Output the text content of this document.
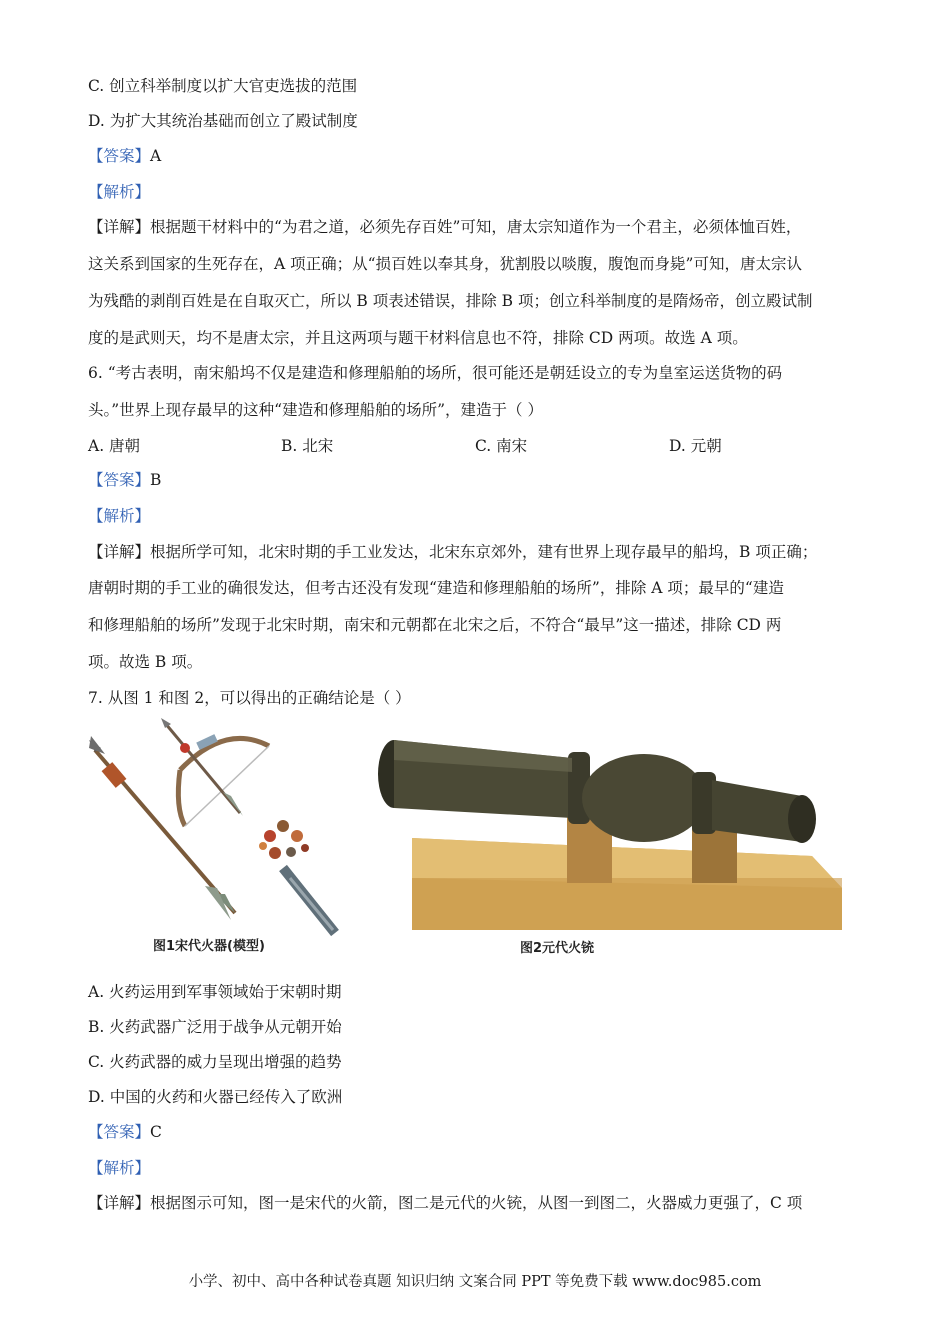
C. 创立科举制度以扩大官吏选拔的范围
D. 为扩大其统治基础而创立了殿试制度
【答案】A
【解析】
【详解】根据题干材料中的“为君之道，必须先存百姓”可知，唐太宗知道作为一个君主，必须体恤百姓，
这关系到国家的生死存在，A 项正确；从“损百姓以奉其身，犹割股以啖腹，腹饱而身毙”可知，唐太宗认
为残酷的剥削百姓是在自取灭亡，所以 B 项表述错误，排除 B 项；创立科举制度的是隋炀帝，创立殿试制
度的是武则天，均不是唐太宗，并且这两项与题干材料信息也不符，排除 CD 两项。故选 A 项。
6. “考古表明，南宋船坞不仅是建造和修理船舶的场所，很可能还是朝廷设立的专为皇室运送货物的码
头。”世界上现存最早的这种“建造和修理船舶的场所”，建造于（ ）
A. 唐朝	B. 北宋	C. 南宋	D. 元朝
【答案】B
【解析】
【详解】根据所学可知，北宋时期的手工业发达，北宋东京郊外，建有世界上现存最早的船坞，B 项正确；
唐朝时期的手工业的确很发达，但考古还没有发现“建造和修理船舶的场所”，排除 A 项；最早的“建造
和修理船舶的场所”发现于北宋时期，南宋和元朝都在北宋之后，不符合“最早”这一描述，排除 CD 两
项。故选 B 项。
7. 从图 1 和图 2，可以得出的正确结论是（ ）
图1宋代火器(模型)	图2元代火铳
A. 火药运用到军事领域始于宋朝时期
B. 火药武器广泛用于战争从元朝开始
C. 火药武器的威力呈现出增强的趋势
D. 中国的火药和火器已经传入了欧洲
【答案】C
【解析】
【详解】根据图示可知，图一是宋代的火箭，图二是元代的火铳，从图一到图二，火器威力更强了，C 项
小学、初中、高中各种试卷真题 知识归纳 文案合同 PPT 等免费下载 www.doc985.com
